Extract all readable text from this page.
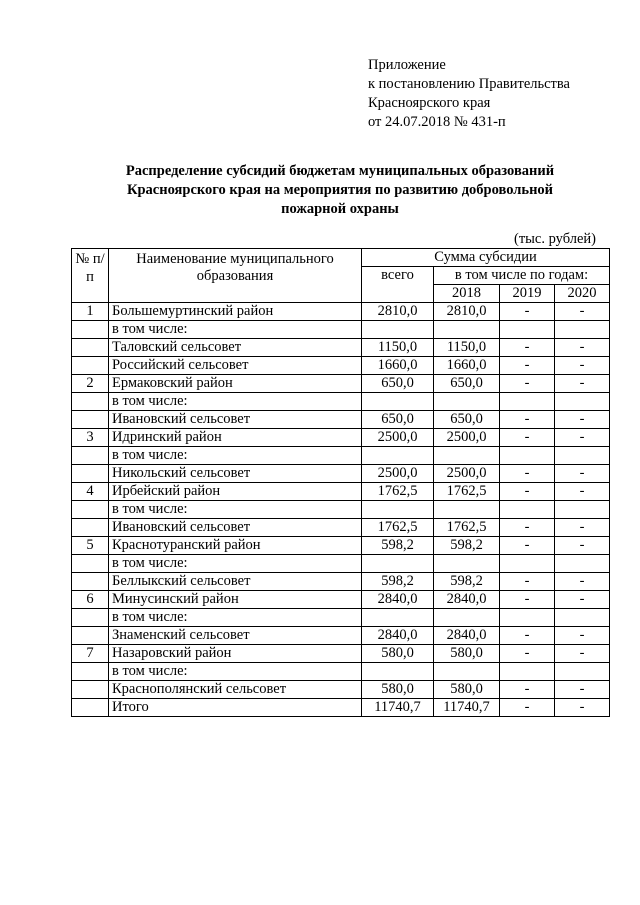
Приложение
к постановлению Правительства
Красноярского края
от 24.07.2018 № 431-п
Распределение субсидий бюджетам муниципальных образований
Красноярского края на мероприятия по развитию добровольной
пожарной охраны
(тыс. рублей)
№ п/п	Наименование муниципального образования	Сумма субсидии			
		всего	в том числе по годам:		
			2018	2019	2020
1	Большемуртинский район	2810,0	2810,0	-	-
	в том числе:				
	Таловский сельсовет	1150,0	1150,0	-	-
	Российский сельсовет	1660,0	1660,0	-	-
2	Ермаковский район	650,0	650,0	-	-
	в том числе:				
	Ивановский сельсовет	650,0	650,0	-	-
3	Идринский район	2500,0	2500,0	-	-
	в том числе:				
	Никольский сельсовет	2500,0	2500,0	-	-
4	Ирбейский район	1762,5	1762,5	-	-
	в том числе:				
	Ивановский сельсовет	1762,5	1762,5	-	-
5	Краснотуранский район	598,2	598,2	-	-
	в том числе:				
	Беллыкский сельсовет	598,2	598,2	-	-
6	Минусинский район	2840,0	2840,0	-	-
	в том числе:				
	Знаменский сельсовет	2840,0	2840,0	-	-
7	Назаровский район	580,0	580,0	-	-
	в том числе:				
	Краснополянский сельсовет	580,0	580,0	-	-
	Итого	11740,7	11740,7	-	-
